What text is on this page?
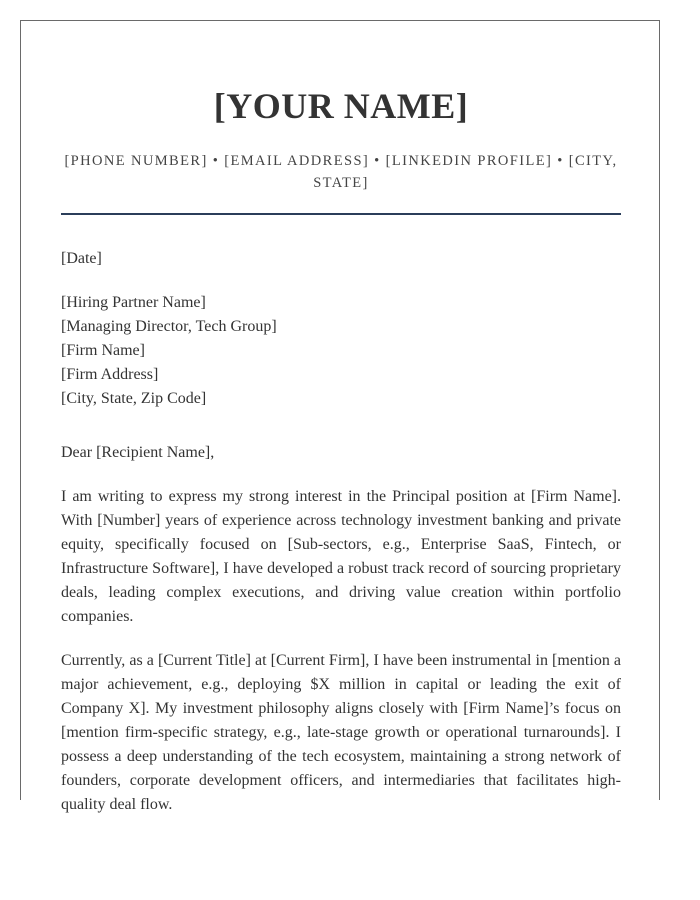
[YOUR NAME]
[PHONE NUMBER] • [EMAIL ADDRESS] • [LINKEDIN PROFILE] • [CITY, STATE]
[Date]
[Hiring Partner Name]
[Managing Director, Tech Group]
[Firm Name]
[Firm Address]
[City, State, Zip Code]
Dear [Recipient Name],

I am writing to express my strong interest in the Principal position at [Firm Name]. With [Number] years of experience across technology investment banking and private equity, specifically focused on [Sub-sectors, e.g., Enterprise SaaS, Fintech, or Infrastructure Software], I have developed a robust track record of sourcing proprietary deals, leading complex executions, and driving value creation within portfolio companies.

Currently, as a [Current Title] at [Current Firm], I have been instrumental in [mention a major achievement, e.g., deploying $X million in capital or leading the exit of Company X]. My investment philosophy aligns closely with [Firm Name]’s focus on [mention firm-specific strategy, e.g., late-stage growth or operational turnarounds]. I possess a deep understanding of the tech ecosystem, maintaining a strong network of founders, corporate development officers, and intermediaries that facilitates high-quality deal flow.
